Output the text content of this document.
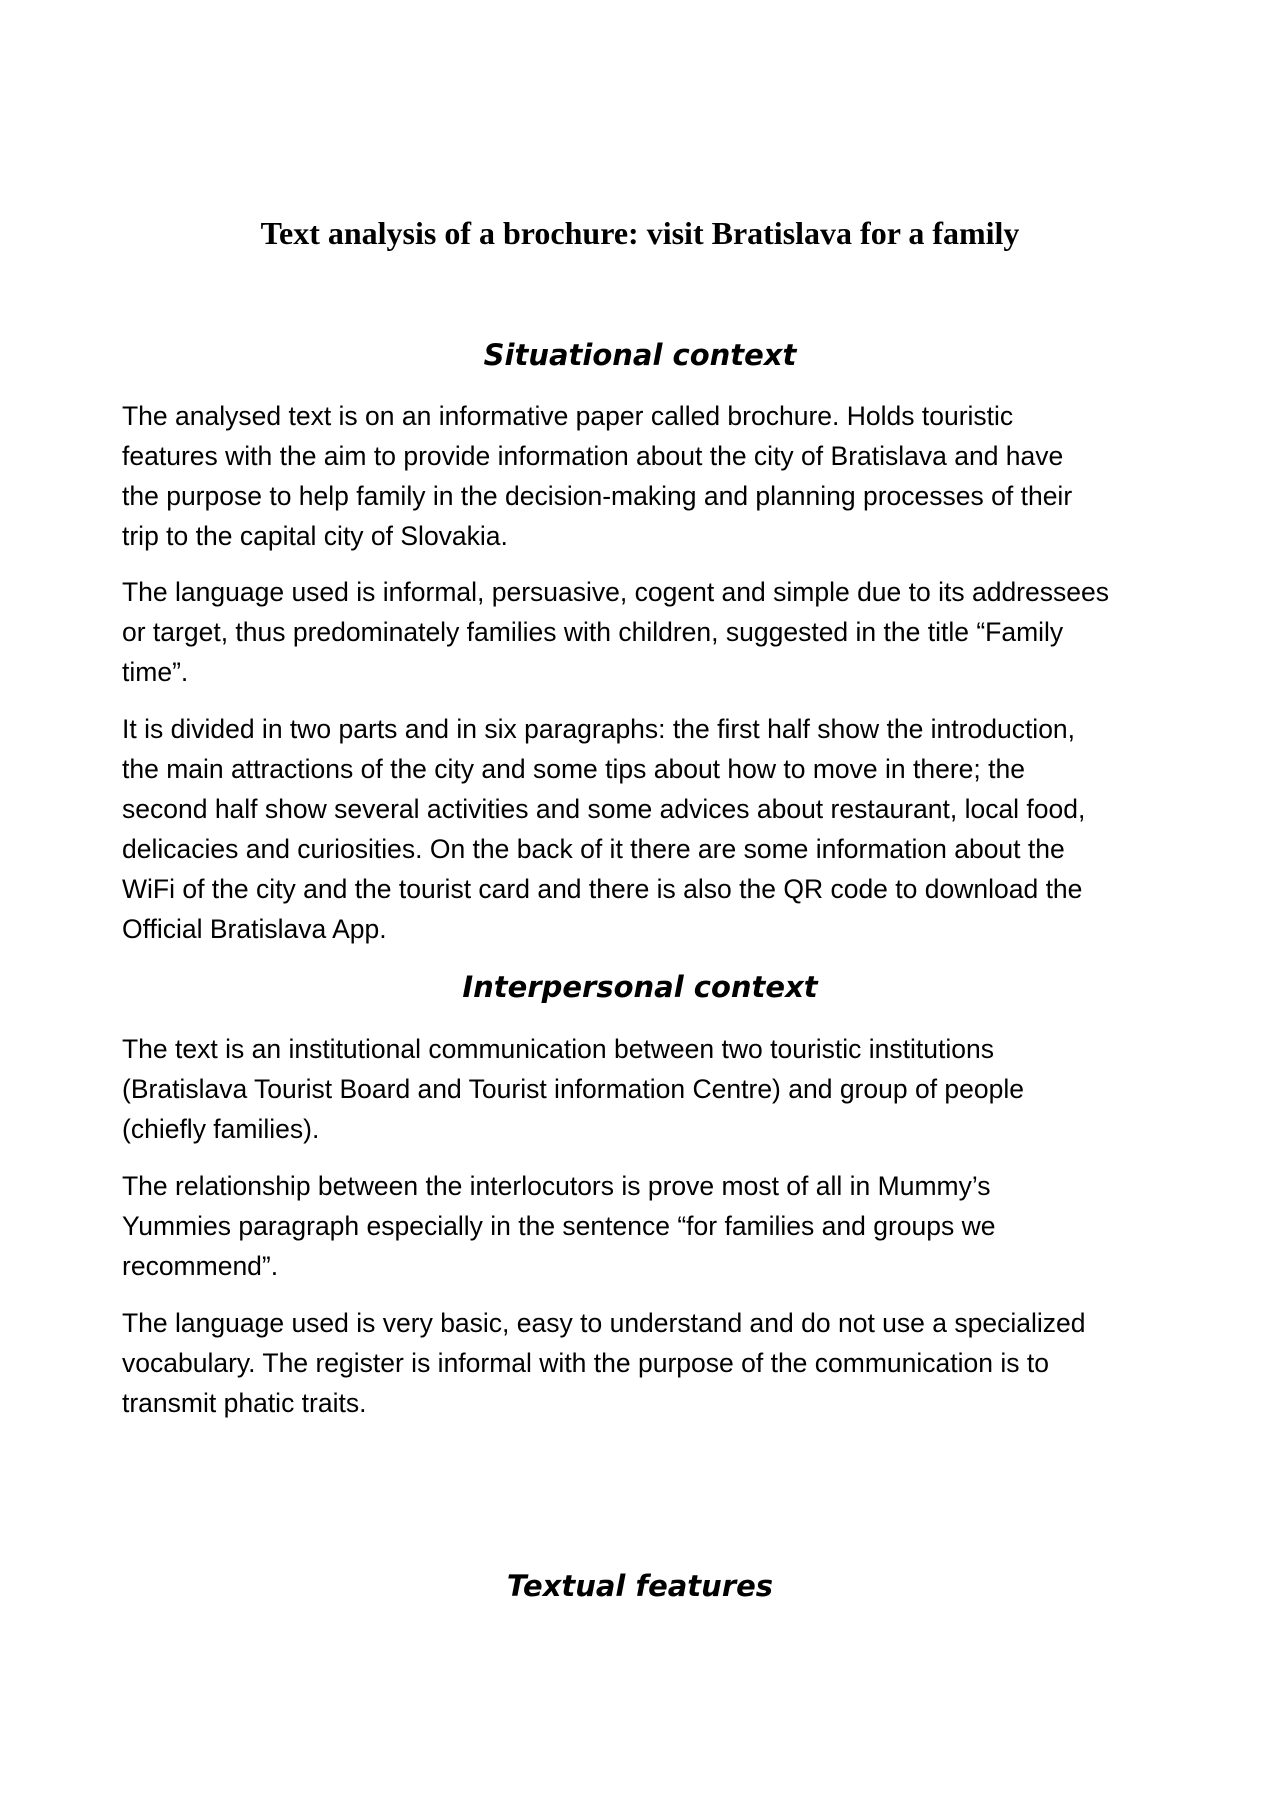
Text analysis of a brochure: visit Bratislava for a family
Situational context

The analysed text is on an informative paper called brochure. Holds touristic
features with the aim to provide information about the city of Bratislava and have
the purpose to help family in the decision-making and planning processes of their
trip to the capital city of Slovakia.

The language used is informal, persuasive, cogent and simple due to its addressees
or target, thus predominately families with children, suggested in the title “Family
time”.

It is divided in two parts and in six paragraphs: the first half show the introduction,
the main attractions of the city and some tips about how to move in there; the
second half show several activities and some advices about restaurant, local food,
delicacies and curiosities. On the back of it there are some information about the
WiFi of the city and the tourist card and there is also the QR code to download the
Official Bratislava App.

Interpersonal context

The text is an institutional communication between two touristic institutions
(Bratislava Tourist Board and Tourist information Centre) and group of people
(chiefly families).

The relationship between the interlocutors is prove most of all in Mummy’s
Yummies paragraph especially in the sentence “for families and groups we
recommend”.

The language used is very basic, easy to understand and do not use a specialized
vocabulary. The register is informal with the purpose of the communication is to
transmit phatic traits.

Textual features
